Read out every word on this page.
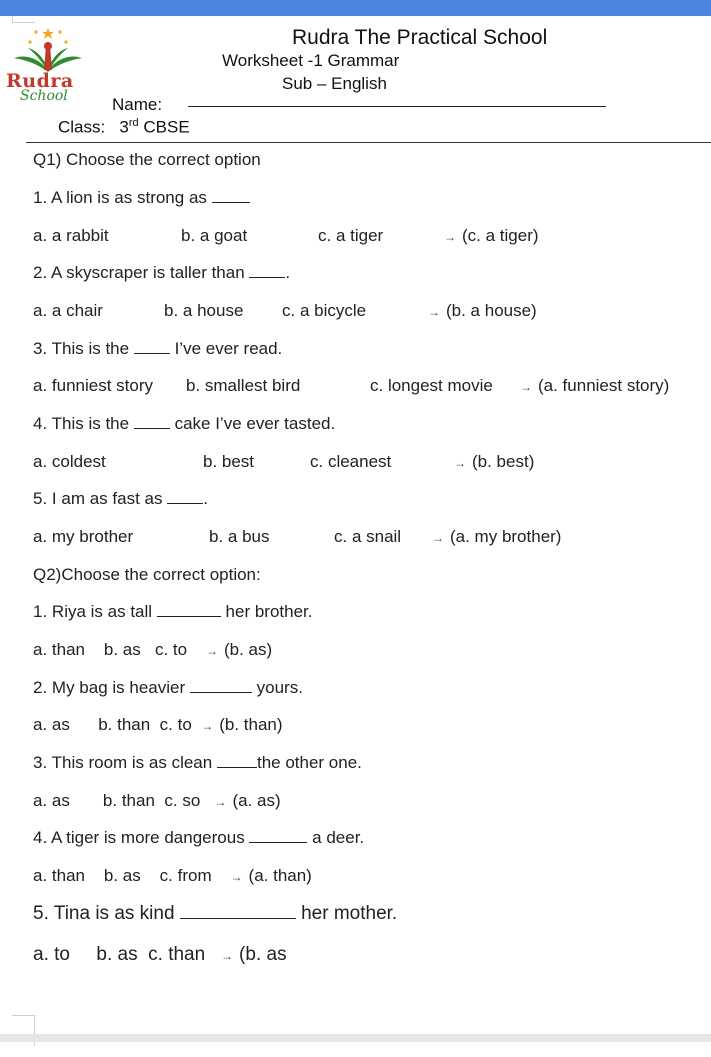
Rudra
School
Rudra The Practical School
Worksheet -1 Grammar
Sub – English
Name:
Class: 3rd CBSE
Q1) Choose the correct option
1. A lion is as strong as
a. a rabbit	b. a goat	c. a tiger	→ (c. a tiger)
2. A skyscraper is taller than .
a. a chair	b. a house c. a bicycle	→ (b. a house)
3. This is the	I’ve ever read.
a. funniest story b. smallest bird	c. longest movie → (a. funniest story)
4. This is the	cake I’ve ever tasted.
a. coldest	b. best	c. cleanest	→ (b. best)
5. I am as fast as .
a. my brother	b. a bus	c. a snail	→ (a. my brother)
Q2)Choose the correct option:
1. Riya is as tall	her brother.
a. than b. as c. to → (b. as)
2. My bag is heavier	yours.
a. as b. than c. to → (b. than)
3. This room is as clean	the other one.
a. as b. than c. so → (a. as)
4. A tiger is more dangerous	a deer.
a. than b. as c. from → (a. than)
5. Tina is as kind	her mother.
a. to b. as c. than → (b. as
